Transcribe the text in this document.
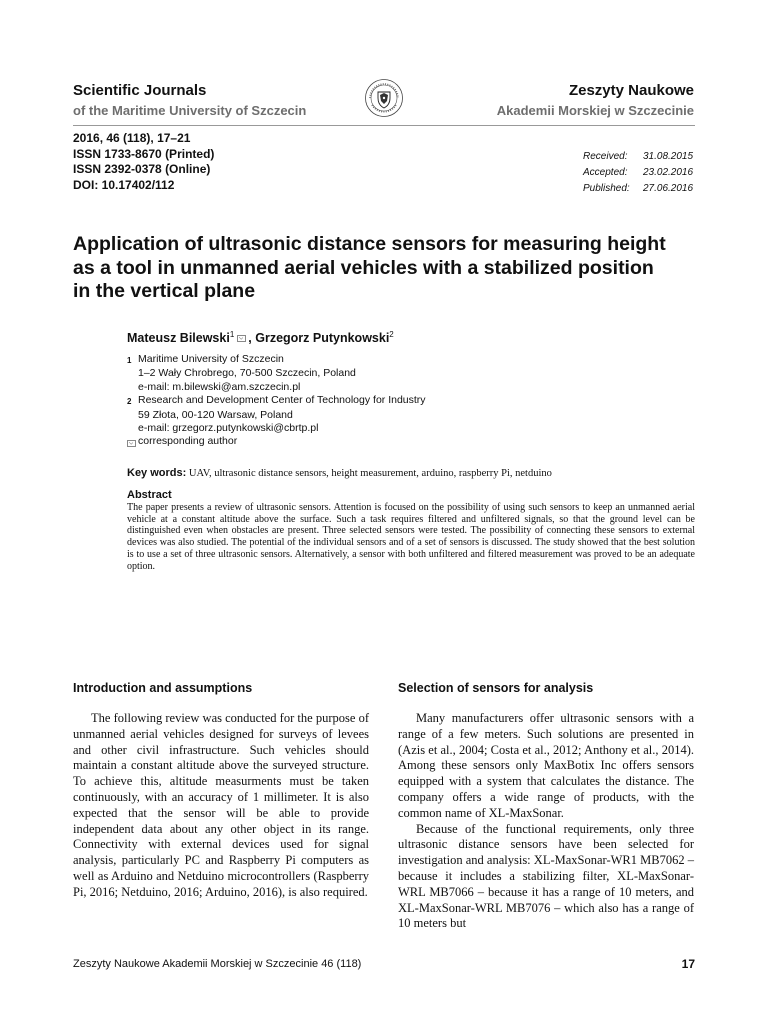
Scientific Journals
of the Maritime University of Szczecin
Zeszyty Naukowe
Akademii Morskiej w Szczecinie
2016, 46 (118), 17–21
ISSN 1733-8670 (Printed)
ISSN 2392-0378 (Online)
DOI: 10.17402/112
Received:	31.08.2015
Accepted:	23.02.2016
Published:	27.06.2016
Application of ultrasonic distance sensors for measuring height as a tool in unmanned aerial vehicles with a stabilized position in the vertical plane
Mateusz Bilewski$^1$ , Grzegorz Putynkowski$^2$
1 Maritime University of Szczecin
1–2 Wały Chrobrego, 70-500 Szczecin, Poland
e-mail: m.bilewski@am.szczecin.pl
2 Research and Development Center of Technology for Industry
59 Złota, 00-120 Warsaw, Poland
e-mail: grzegorz.putynkowski@cbrtp.pl
corresponding author
Key words: UAV, ultrasonic distance sensors, height measurement, arduino, raspberry Pi, netduino
Abstract
The paper presents a review of ultrasonic sensors. Attention is focused on the possibility of using such sensors to keep an unmanned aerial vehicle at a constant altitude above the surface. Such a task requires filtered and unfiltered signals, so that the ground level can be distinguished even when obstacles are present. Three selected sensors were tested. The possibility of connecting these sensors to external devices was also studied. The potential of the individual sensors and of a set of sensors is discussed. The study showed that the best solution is to use a set of three ultrasonic sensors. Alternatively, a sensor with both unfiltered and filtered measurement was proved to be an adequate option.
Introduction and assumptions	Selection of sensors for analysis

The following review was conducted for the purpose of unmanned aerial vehicles designed for surveys of levees and other civil infrastructure. Such vehicles should maintain a constant altitude above the surveyed structure. To achieve this, altitude measurments must be taken continuously, with an accuracy of 1 millimeter. It is also expected that the sensor will be able to provide independent data about any other object in its range. Connectivity with external devices used for signal analysis, particularly PC and Raspberry Pi computers as well as Arduino and Netduino microcontrollers (Raspberry Pi, 2016; Netduino, 2016; Arduino, 2016), is also required.

Many manufacturers offer ultrasonic sensors with a range of a few meters. Such solutions are presented in (Azis et al., 2004; Costa et al., 2012; Anthony et al., 2014). Among these sensors only MaxBotix Inc offers sensors equipped with a system that calculates the distance. The company offers a wide range of products, with the common name of XL-MaxSonar.

Because of the functional requirements, only three ultrasonic distance sensors have been selected for investigation and analysis: XL-MaxSonar-WR1 MB7062 – because it includes a stabilizing filter, XL-MaxSonar-WRL MB7066 – because it has a range of 10 meters, and XL-MaxSonar-WRL MB7076 – which also has a range of 10 meters but

Zeszyty Naukowe Akademii Morskiej w Szczecinie 46 (118)	17
